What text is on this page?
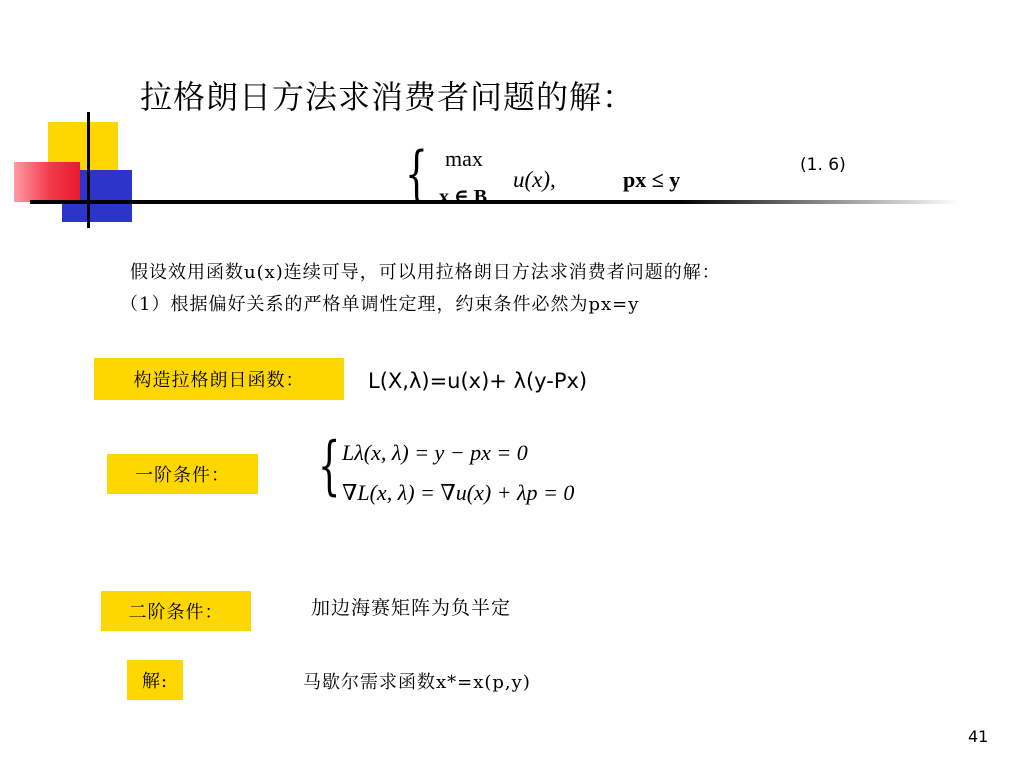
拉格朗日方法求消费者问题的解：
{ max
x ∈ B
u(x),	px ≤ y
(1. 6)
假设效用函数u(x)连续可导，可以用拉格朗日方法求消费者问题的解：
（1）根据偏好关系的严格单调性定理，约束条件必然为px=y
构造拉格朗日函数：	L(X,λ)=u(x)+ λ(y-Px)
一阶条件： { Lλ(x, λ) = y − px = 0
∇L(x, λ) = ∇u(x) + λp = 0
二阶条件：	加边海赛矩阵为负半定
解:	马歇尔需求函数x*=x(p,y)
41
